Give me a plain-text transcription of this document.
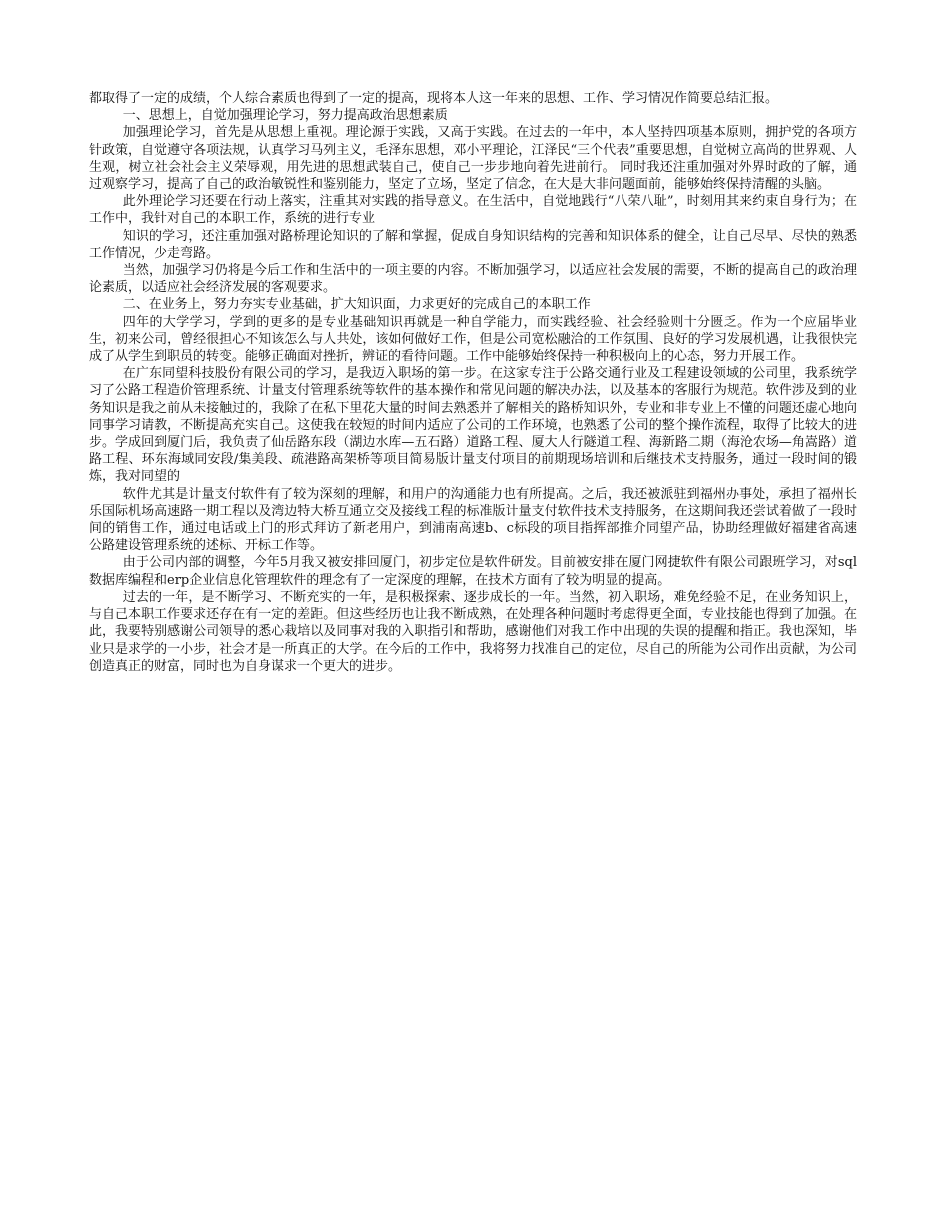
都取得了一定的成绩，个人综合素质也得到了一定的提高，现将本人这一年来的思想、工作、学习情况作简要总结汇报。

一、思想上，自觉加强理论学习，努力提高政治思想素质

加强理论学习，首先是从思想上重视。理论源于实践，又高于实践。在过去的一年中，本人坚持四项基本原则，拥护党的各项方针政策，自觉遵守各项法规，认真学习马列主义，毛泽东思想，邓小平理论，江泽民“三个代表”重要思想，自觉树立高尚的世界观、人生观，树立社会社会主义荣辱观，用先进的思想武装自己，使自己一步步地向着先进前行。 同时我还注重加强对外界时政的了解，通过观察学习，提高了自己的政治敏锐性和鉴别能力，坚定了立场，坚定了信念，在大是大非问题面前，能够始终保持清醒的头脑。

此外理论学习还要在行动上落实，注重其对实践的指导意义。在生活中，自觉地践行“八荣八耻”，时刻用其来约束自身行为；在工作中，我针对自己的本职工作，系统的进行专业

知识的学习，还注重加强对路桥理论知识的了解和掌握，促成自身知识结构的完善和知识体系的健全，让自己尽早、尽快的熟悉工作情况，少走弯路。

当然，加强学习仍将是今后工作和生活中的一项主要的内容。不断加强学习，以适应社会发展的需要，不断的提高自己的政治理论素质，以适应社会经济发展的客观要求。

二、在业务上，努力夯实专业基础，扩大知识面，力求更好的完成自己的本职工作

四年的大学学习，学到的更多的是专业基础知识再就是一种自学能力，而实践经验、社会经验则十分匮乏。作为一个应届毕业生，初来公司，曾经很担心不知该怎么与人共处，该如何做好工作，但是公司宽松融洽的工作氛围、良好的学习发展机遇，让我很快完成了从学生到职员的转变。能够正确面对挫折，辨证的看待问题。工作中能够始终保持一种积极向上的心态，努力开展工作。

在广东同望科技股份有限公司的学习，是我迈入职场的第一步。在这家专注于公路交通行业及工程建设领域的公司里，我系统学习了公路工程造价管理系统、计量支付管理系统等软件的基本操作和常见问题的解决办法，以及基本的客服行为规范。软件涉及到的业务知识是我之前从未接触过的，我除了在私下里花大量的时间去熟悉并了解相关的路桥知识外，专业和非专业上不懂的问题还虚心地向同事学习请教，不断提高充实自己。这使我在较短的时间内适应了公司的工作环境，也熟悉了公司的整个操作流程，取得了比较大的进步。学成回到厦门后，我负责了仙岳路东段（湖边水库—五石路）道路工程、厦大人行隧道工程、海新路二期（海沧农场—角嵩路）道路工程、环东海域同安段/集美段、疏港路高架桥等项目简易版计量支付项目的前期现场培训和后继技术支持服务，通过一段时间的锻炼，我对同望的

软件尤其是计量支付软件有了较为深刻的理解，和用户的沟通能力也有所提高。之后，我还被派驻到福州办事处，承担了福州长乐国际机场高速路一期工程以及湾边特大桥互通立交及接线工程的标准版计量支付软件技术支持服务，在这期间我还尝试着做了一段时间的销售工作，通过电话或上门的形式拜访了新老用户，到浦南高速b、c标段的项目指挥部推介同望产品，协助经理做好福建省高速公路建设管理系统的述标、开标工作等。

由于公司内部的调整，今年5月我又被安排回厦门，初步定位是软件研发。目前被安排在厦门网捷软件有限公司跟班学习，对sql数据库编程和erp企业信息化管理软件的理念有了一定深度的理解，在技术方面有了较为明显的提高。

过去的一年，是不断学习、不断充实的一年，是积极探索、逐步成长的一年。当然，初入职场，难免经验不足，在业务知识上，与自己本职工作要求还存在有一定的差距。但这些经历也让我不断成熟，在处理各种问题时考虑得更全面，专业技能也得到了加强。在此，我要特别感谢公司领导的悉心栽培以及同事对我的入职指引和帮助，感谢他们对我工作中出现的失误的提醒和指正。我也深知，毕业只是求学的一小步，社会才是一所真正的大学。在今后的工作中，我将努力找准自己的定位，尽自己的所能为公司作出贡献，为公司创造真正的财富，同时也为自身谋求一个更大的进步。
